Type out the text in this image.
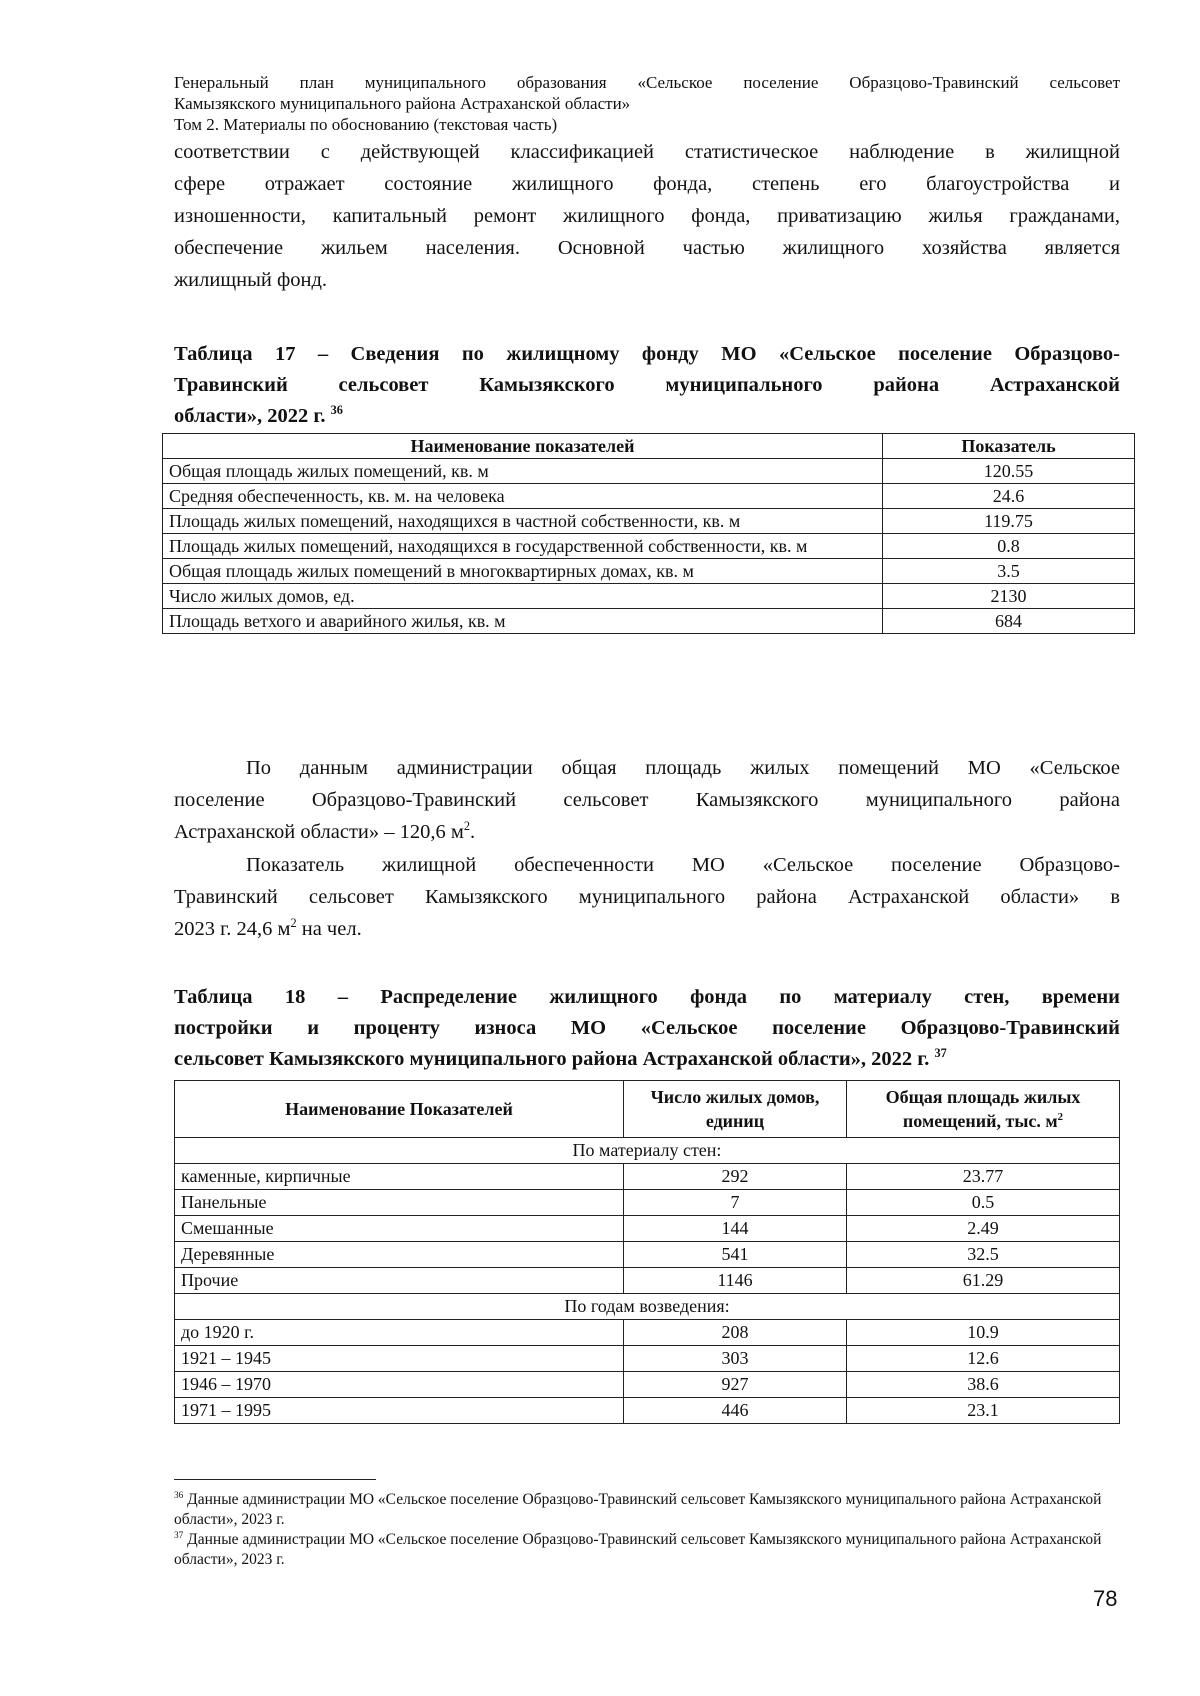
Генеральный план муниципального образования «Сельское поселение Образцово-Травинский сельсовет
Камызякского муниципального района Астраханской области»
Том 2. Материалы по обоснованию (текстовая часть)
соответствии с действующей классификацией статистическое наблюдение в жилищной
сфере отражает состояние жилищного фонда, степень его благоустройства и
изношенности, капитальный ремонт жилищного фонда, приватизацию жилья гражданами,
обеспечение жильем населения. Основной частью жилищного хозяйства является
жилищный фонд.
Таблица 17 – Сведения по жилищному фонду МО «Сельское поселение Образцово-
Травинский сельсовет Камызякского муниципального района Астраханской
области», 2022 г. $^{36}$
Наименование показателей	Показатель
Общая площадь жилых помещений, кв. м	120.55
Средняя обеспеченность, кв. м. на человека	24.6
Площадь жилых помещений, находящихся в частной собственности, кв. м	119.75
Площадь жилых помещений, находящихся в государственной собственности, кв. м	0.8
Общая площадь жилых помещений в многоквартирных домах, кв. м	3.5
Число жилых домов, ед.	2130
Площадь ветхого и аварийного жилья, кв. м	684
По данным администрации общая площадь жилых помещений МО «Сельское
поселение Образцово-Травинский сельсовет Камызякского муниципального района
Астраханской области» – 120,6 $м^2$.
Показатель жилищной обеспеченности МО «Сельское поселение Образцово-
Травинский сельсовет Камызякского муниципального района Астраханской области» в
2023 г. 24,6 $м^2$ на чел.
Таблица 18 – Распределение жилищного фонда по материалу стен, времени
постройки и проценту износа МО «Сельское поселение Образцово-Травинский
сельсовет Камызякского муниципального района Астраханской области», 2022 г. $^{37}$
Наименование Показателей	Число жилых домов, единиц	Общая площадь жилых помещений, тыс. $м^2$
По материалу стен:		
каменные, кирпичные	292	23.77
Панельные	7	0.5
Смешанные	144	2.49
Деревянные	541	32.5
Прочие	1146	61.29
По годам возведения:		
до 1920 г.	208	10.9
1921 – 1945	303	12.6
1946 – 1970	927	38.6
1971 – 1995	446	23.1
$^{36}$ Данные администрации МО «Сельское поселение Образцово-Травинский сельсовет Камызякского муниципального района Астраханской области», 2023 г.
$^{37}$ Данные администрации МО «Сельское поселение Образцово-Травинский сельсовет Камызякского муниципального района Астраханской области», 2023 г.
78
